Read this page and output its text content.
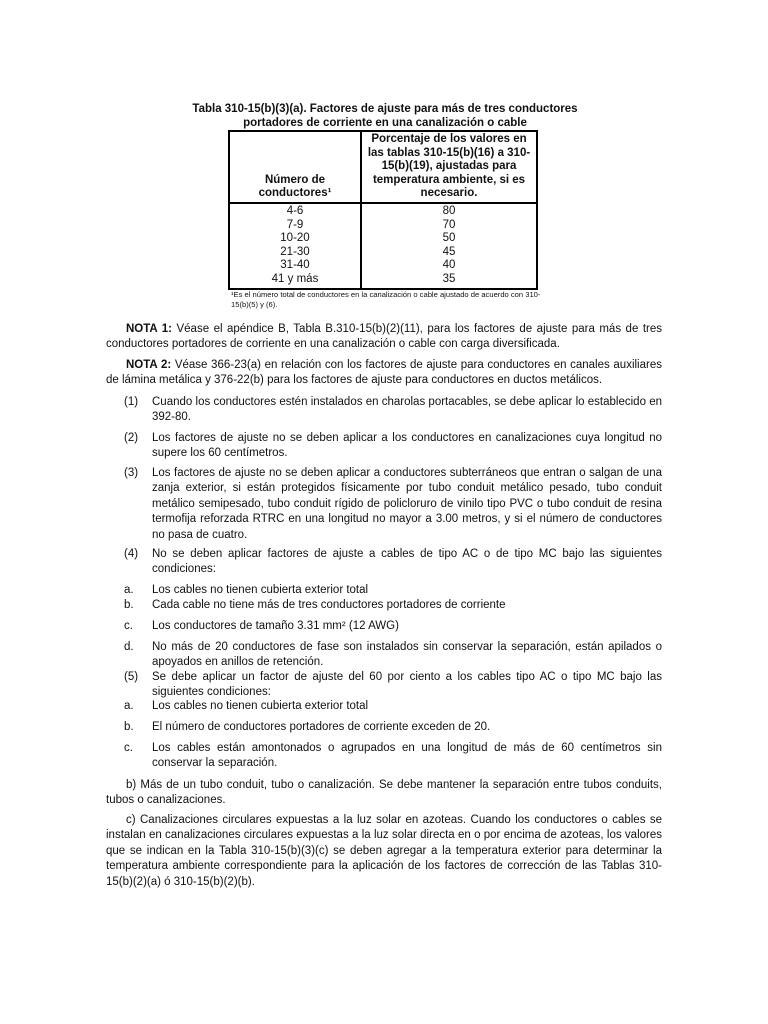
Tabla 310-15(b)(3)(a). Factores de ajuste para más de tres conductores
portadores de corriente en una canalización o cable
Número de
conductores¹	Porcentaje de los valores en las tablas 310-15(b)(16) a 310-15(b)(19), ajustadas para temperatura ambiente, si es necesario.
4-6	80
7-9	70
10-20	50
21-30	45
31-40	40
41 y más	35
¹Es el número total de conductores en la canalización o cable ajustado de acuerdo con 310-15(b)(5) y (6).
NOTA 1: Véase el apéndice B, Tabla B.310-15(b)(2)(11), para los factores de ajuste para más de tres conductores portadores de corriente en una canalización o cable con carga diversificada.
NOTA 2: Véase 366-23(a) en relación con los factores de ajuste para conductores en canales auxiliares de lámina metálica y 376-22(b) para los factores de ajuste para conductores en ductos metálicos.
(1) Cuando los conductores estén instalados en charolas portacables, se debe aplicar lo establecido en 392-80.
(2) Los factores de ajuste no se deben aplicar a los conductores en canalizaciones cuya longitud no supere los 60 centímetros.
(3) Los factores de ajuste no se deben aplicar a conductores subterráneos que entran o salgan de una zanja exterior, si están protegidos físicamente por tubo conduit metálico pesado, tubo conduit metálico semipesado, tubo conduit rígido de policloruro de vinilo tipo PVC o tubo conduit de resina termofija reforzada RTRC en una longitud no mayor a 3.00 metros, y si el número de conductores no pasa de cuatro.
(4) No se deben aplicar factores de ajuste a cables de tipo AC o de tipo MC bajo las siguientes condiciones:
a. Los cables no tienen cubierta exterior total
b. Cada cable no tiene más de tres conductores portadores de corriente
c. Los conductores de tamaño 3.31 mm² (12 AWG)
d. No más de 20 conductores de fase son instalados sin conservar la separación, están apilados o apoyados en anillos de retención.
(5) Se debe aplicar un factor de ajuste del 60 por ciento a los cables tipo AC o tipo MC bajo las siguientes condiciones:
a. Los cables no tienen cubierta exterior total
b. El número de conductores portadores de corriente exceden de 20.
c. Los cables están amontonados o agrupados en una longitud de más de 60 centímetros sin conservar la separación.
b) Más de un tubo conduit, tubo o canalización. Se debe mantener la separación entre tubos conduits, tubos o canalizaciones.
c) Canalizaciones circulares expuestas a la luz solar en azoteas. Cuando los conductores o cables se instalan en canalizaciones circulares expuestas a la luz solar directa en o por encima de azoteas, los valores que se indican en la Tabla 310-15(b)(3)(c) se deben agregar a la temperatura exterior para determinar la temperatura ambiente correspondiente para la aplicación de los factores de corrección de las Tablas 310-15(b)(2)(a) ó 310-15(b)(2)(b).
